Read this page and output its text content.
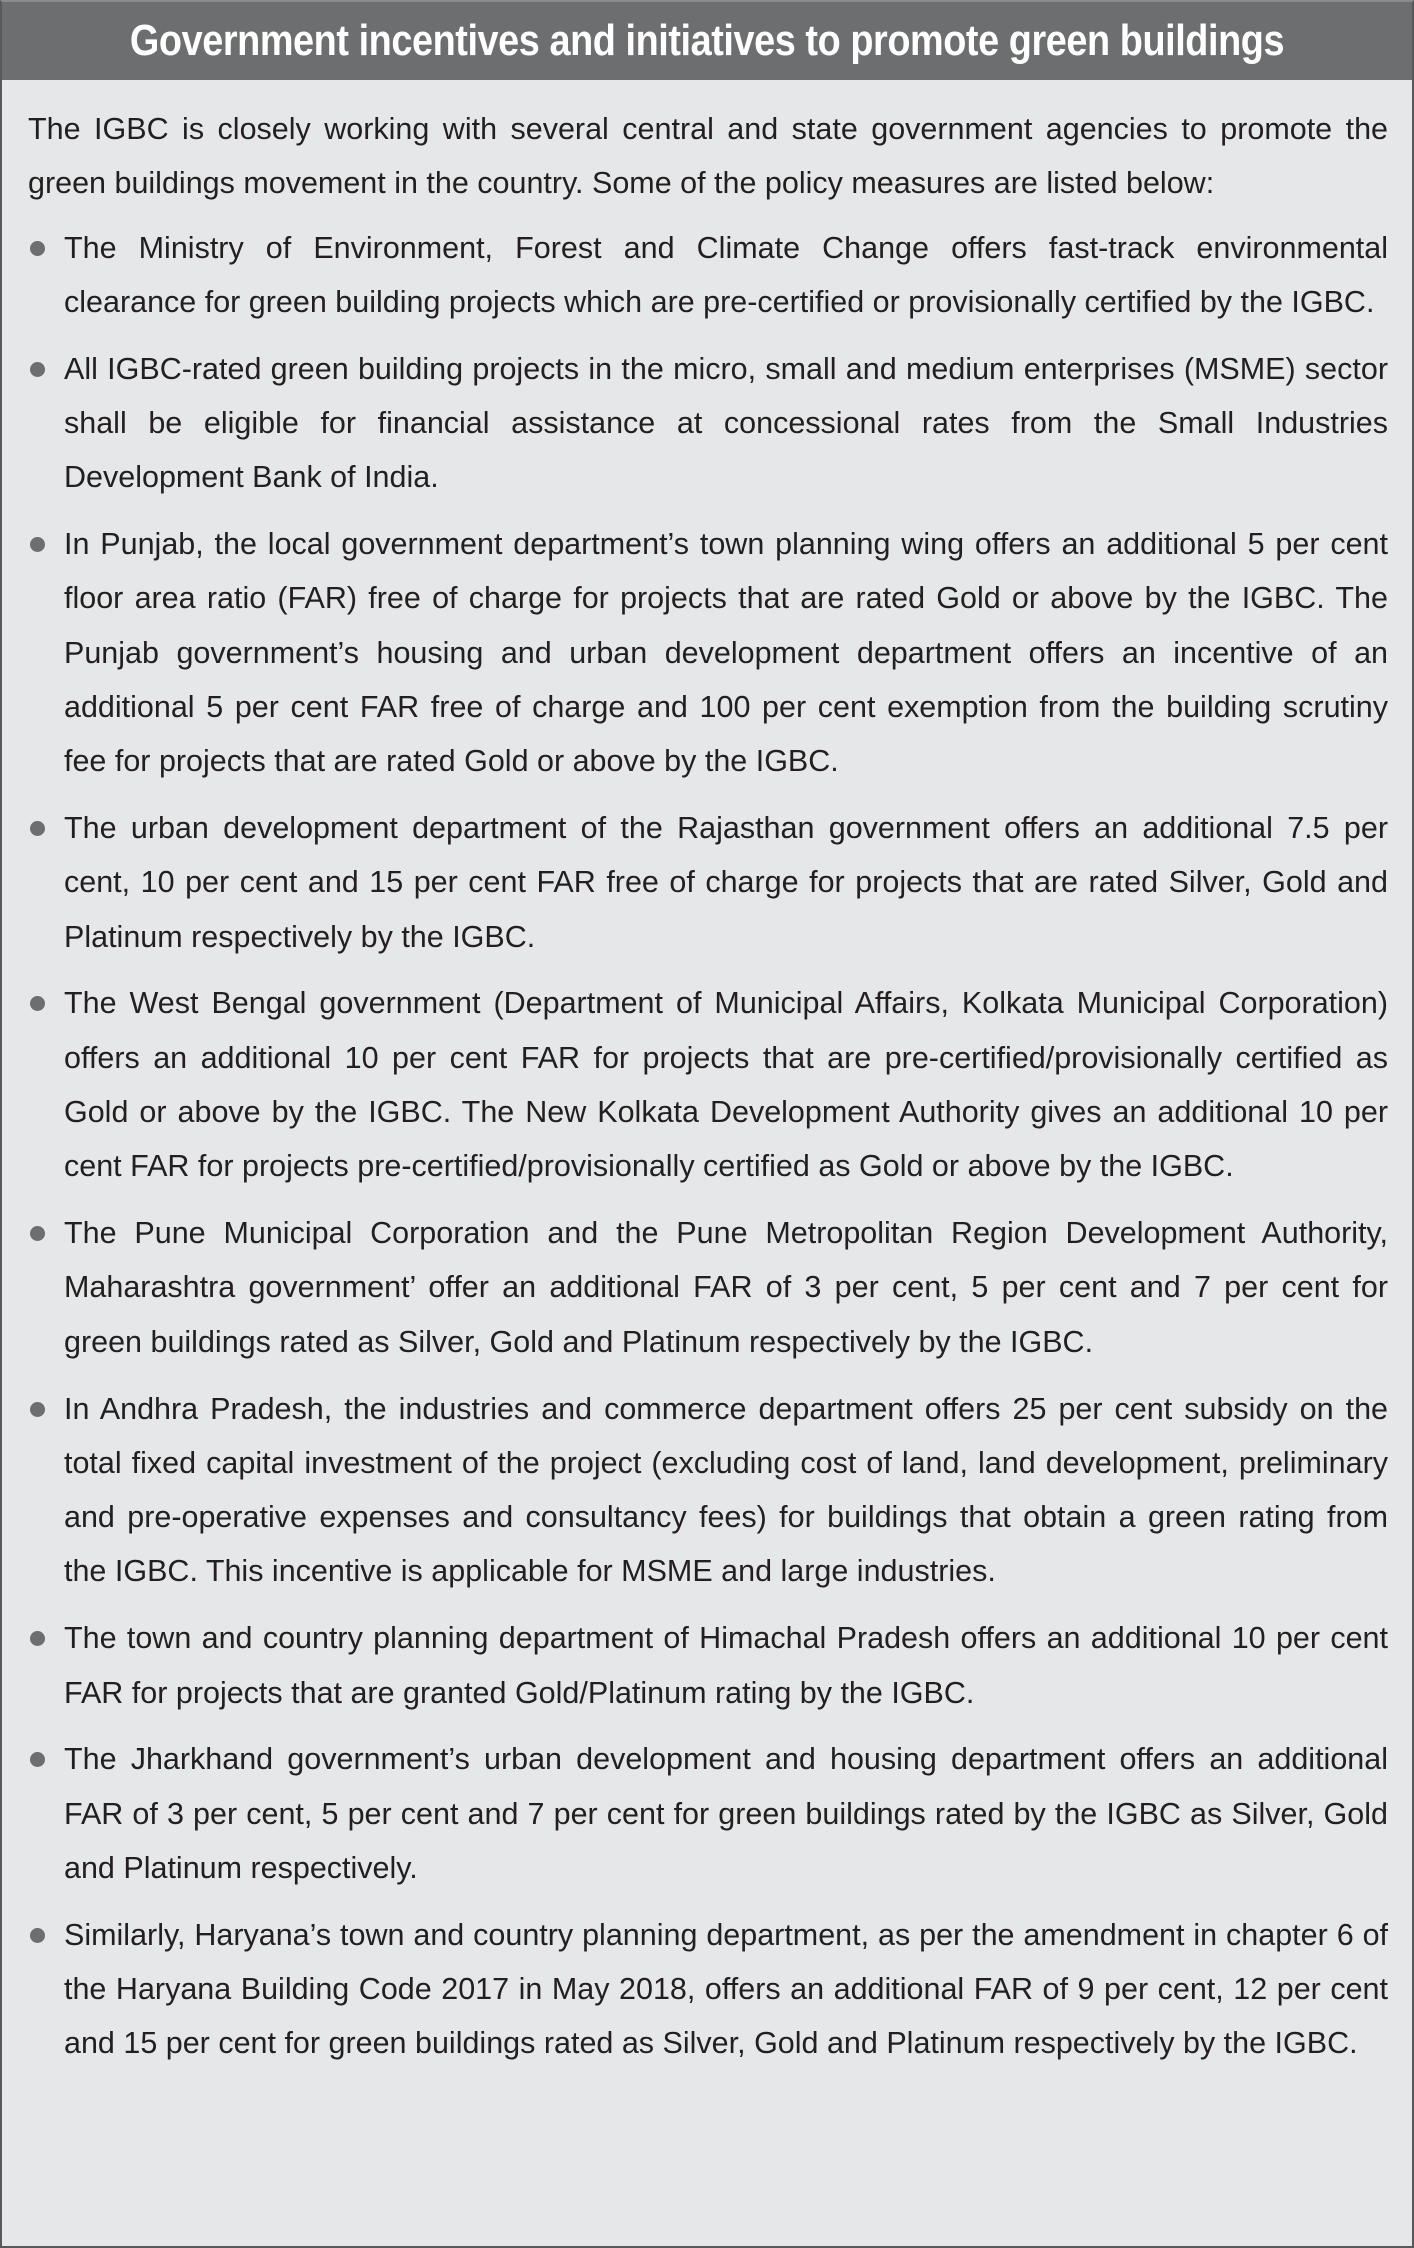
Government incentives and initiatives to promote green buildings

The IGBC is closely working with several central and state government agencies to promote the green buildings movement in the country. Some of the policy measures are listed below:

The Ministry of Environment, Forest and Climate Change offers fast-track environmental clearance for green building projects which are pre-certified or provisionally certified by the IGBC.
All IGBC-rated green building projects in the micro, small and medium enterprises (MSME) sector shall be eligible for financial assistance at concessional rates from the Small Industries Development Bank of India.
In Punjab, the local government department’s town planning wing offers an additional 5 per cent floor area ratio (FAR) free of charge for projects that are rated Gold or above by the IGBC. The Punjab government’s housing and urban development department offers an incentive of an additional 5 per cent FAR free of charge and 100 per cent exemption from the building scrutiny fee for projects that are rated Gold or above by the IGBC.
The urban development department of the Rajasthan government offers an additional 7.5 per cent, 10 per cent and 15 per cent FAR free of charge for projects that are rated Silver, Gold and Platinum respectively by the IGBC.
The West Bengal government (Department of Municipal Affairs, Kolkata Municipal Corporation) offers an additional 10 per cent FAR for projects that are pre-certified/provisionally certified as Gold or above by the IGBC. The New Kolkata Development Authority gives an additional 10 per cent FAR for projects pre-certified/provisionally certified as Gold or above by the IGBC.
The Pune Municipal Corporation and the Pune Metropolitan Region Development Authority, Maharashtra government’ offer an additional FAR of 3 per cent, 5 per cent and 7 per cent for green buildings rated as Silver, Gold and Platinum respectively by the IGBC.
In Andhra Pradesh, the industries and commerce department offers 25 per cent subsidy on the total fixed capital investment of the project (excluding cost of land, land development, preliminary and pre-operative expenses and consultancy fees) for buildings that obtain a green rating from the IGBC. This incentive is applicable for MSME and large industries.
The town and country planning department of Himachal Pradesh offers an additional 10 per cent FAR for projects that are granted Gold/Platinum rating by the IGBC.
The Jharkhand government’s urban development and housing department offers an additional FAR of 3 per cent, 5 per cent and 7 per cent for green buildings rated by the IGBC as Silver, Gold and Platinum respectively.
Similarly, Haryana’s town and country planning department, as per the amendment in chapter 6 of the Haryana Building Code 2017 in May 2018, offers an additional FAR of 9 per cent, 12 per cent and 15 per cent for green buildings rated as Silver, Gold and Platinum respectively by the IGBC.
